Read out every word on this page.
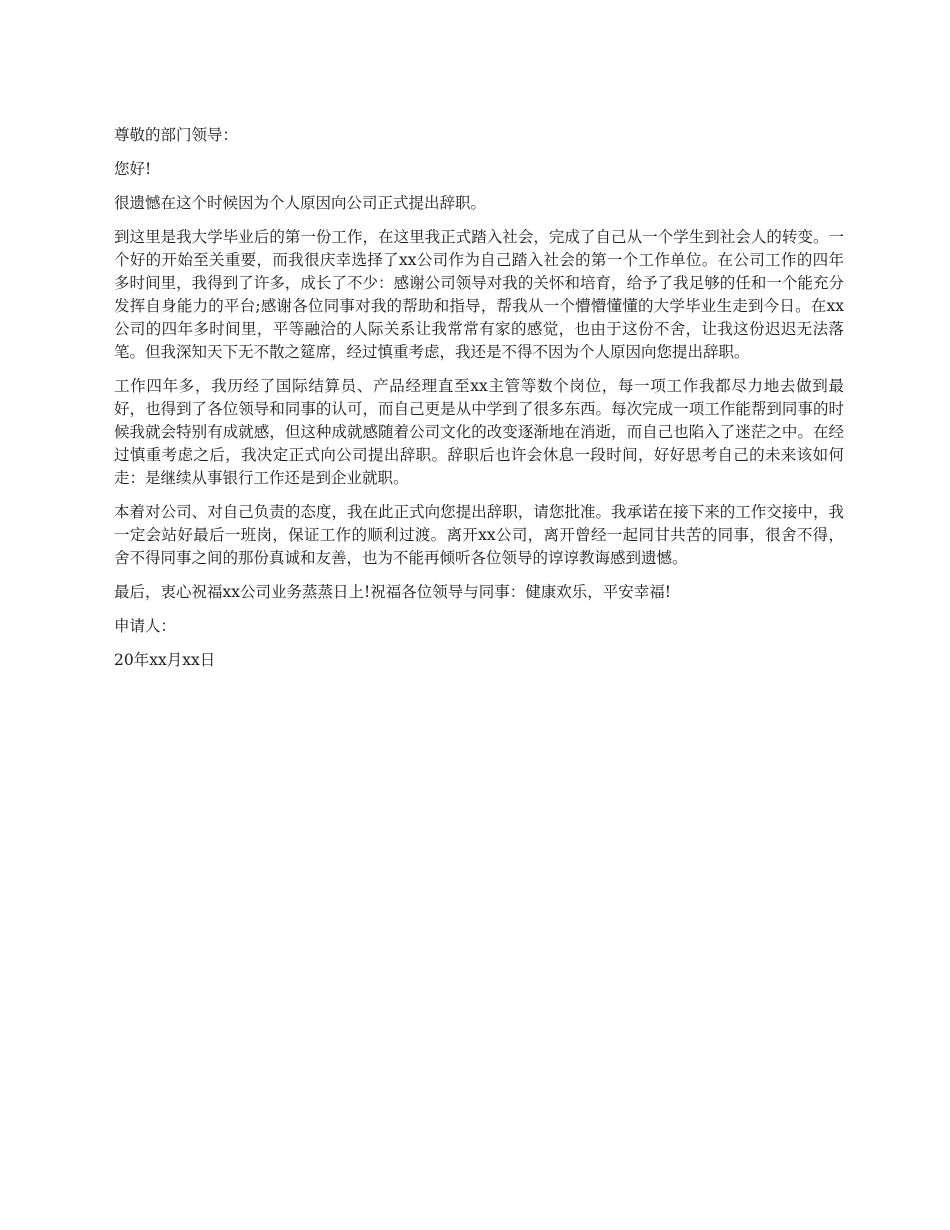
尊敬的部门领导：

您好!

很遗憾在这个时候因为个人原因向公司正式提出辞职。

到这里是我大学毕业后的第一份工作，在这里我正式踏入社会，完成了自己从一个学生到社会人的转变。一个好的开始至关重要，而我很庆幸选择了xx公司作为自己踏入社会的第一个工作单位。在公司工作的四年多时间里，我得到了许多，成长了不少：感谢公司领导对我的关怀和培育，给予了我足够的任和一个能充分发挥自身能力的平台;感谢各位同事对我的帮助和指导，帮我从一个懵懵懂懂的大学毕业生走到今日。在xx公司的四年多时间里，平等融洽的人际关系让我常常有家的感觉，也由于这份不舍，让我这份迟迟无法落笔。但我深知天下无不散之筵席，经过慎重考虑，我还是不得不因为个人原因向您提出辞职。

工作四年多，我历经了国际结算员、产品经理直至xx主管等数个岗位，每一项工作我都尽力地去做到最好，也得到了各位领导和同事的认可，而自己更是从中学到了很多东西。每次完成一项工作能帮到同事的时候我就会特别有成就感，但这种成就感随着公司文化的改变逐渐地在消逝，而自己也陷入了迷茫之中。在经过慎重考虑之后，我决定正式向公司提出辞职。辞职后也许会休息一段时间，好好思考自己的未来该如何走：是继续从事银行工作还是到企业就职。

本着对公司、对自己负责的态度，我在此正式向您提出辞职，请您批准。我承诺在接下来的工作交接中，我一定会站好最后一班岗，保证工作的顺利过渡。离开xx公司，离开曾经一起同甘共苦的同事，很舍不得，舍不得同事之间的那份真诚和友善，也为不能再倾听各位领导的谆谆教诲感到遗憾。

最后，衷心祝福xx公司业务蒸蒸日上!祝福各位领导与同事：健康欢乐，平安幸福!

申请人：

20年xx月xx日
